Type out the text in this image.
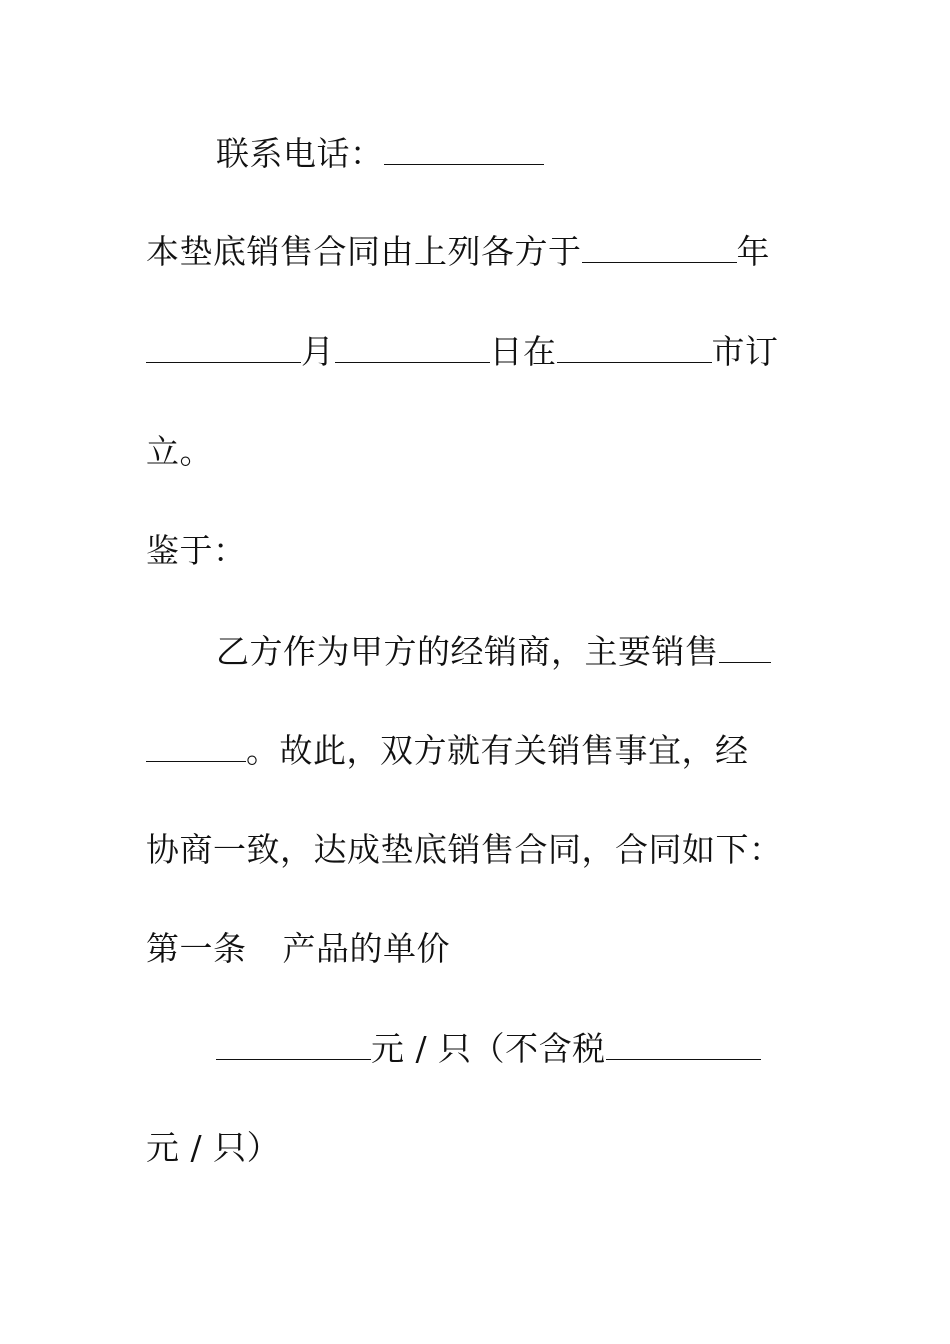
联系电话：
本垫底销售合同由上列各方于	年
月	日在	市订
立。
鉴于：
乙方作为甲方的经销商，主要销售
。故此，双方就有关销售事宜，经
协商一致，达成垫底销售合同，合同如下：
第一条 产品的单价
元 / 只（不含税
元 / 只）
